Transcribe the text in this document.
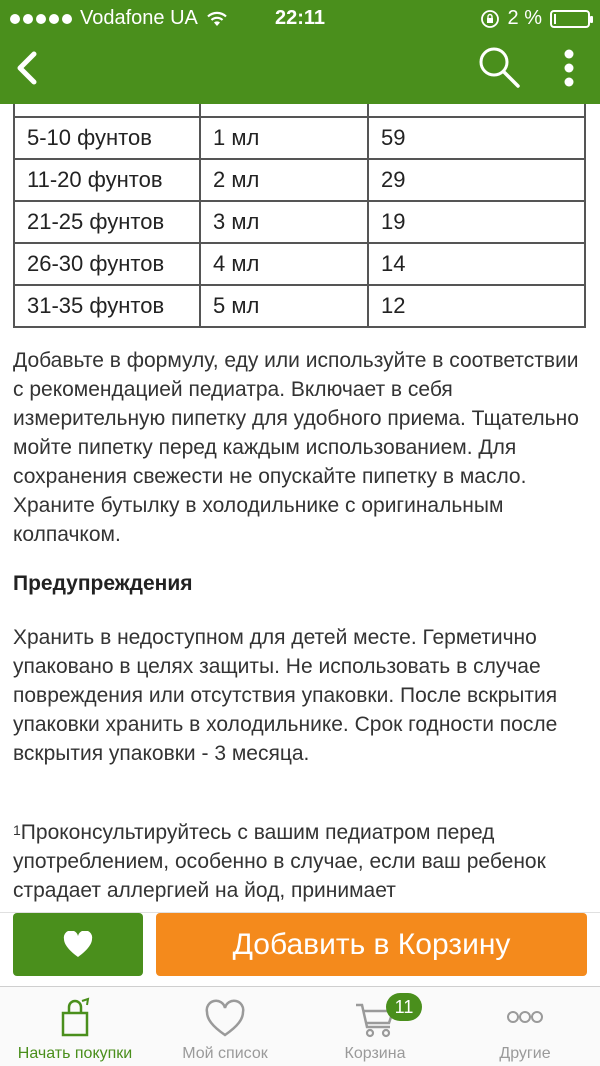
Vodafone UA	22:11	2 %

5-10 фунтов	1 мл	59
11-20 фунтов	2 мл	29
21-25 фунтов	3 мл	19
26-30 фунтов	4 мл	14
31-35 фунтов	5 мл	12

Добавьте в формулу, еду или используйте в соответствии с рекомендацией педиатра. Включает в себя измерительную пипетку для удобного приема. Тщательно мойте пипетку перед каждым использованием. Для сохранения свежести не опускайте пипетку в масло. Храните бутылку в холодильнике с оригинальным колпачком.

Предупреждения

Хранить в недоступном для детей месте. Герметично упаковано в целях защиты. Не использовать в случае повреждения или отсутствия упаковки. После вскрытия упаковки хранить в холодильнике. Срок годности после вскрытия упаковки - 3 месяца.

$^1$Проконсультируйтесь с вашим педиатром перед употреблением, особенно в случае, если ваш ребенок страдает аллергией на йод, принимает

Добавить в Корзину
Начать покупки	Мой список
11
Корзина	Другие
